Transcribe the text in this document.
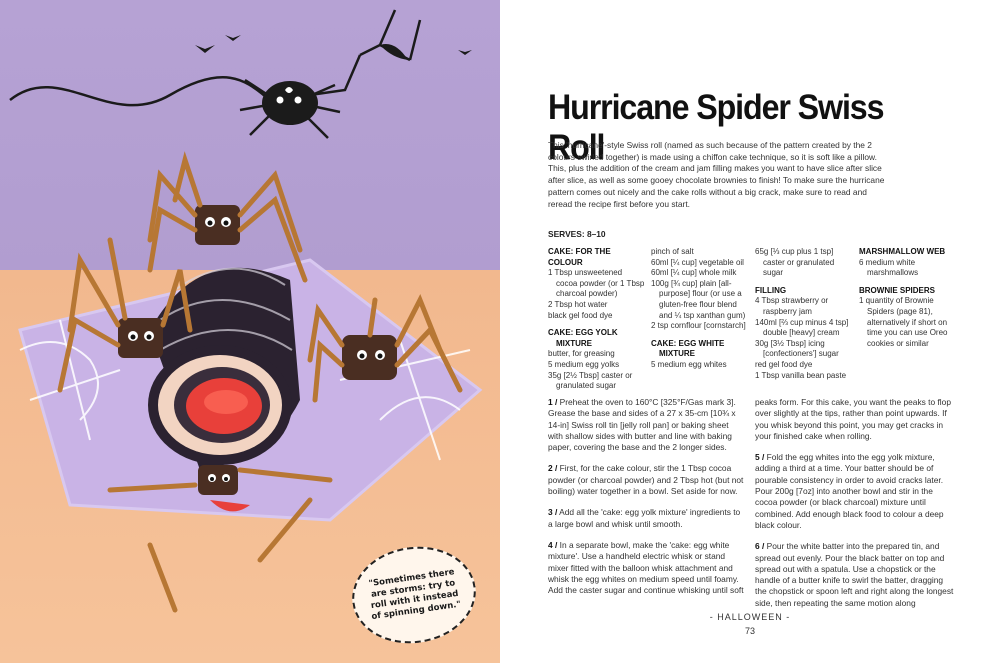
"Sometimes there are storms: try to roll with it instead of spinning down."
Hurricane Spider Swiss Roll

This 'hurricane'-style Swiss roll (named as such because of the pattern created by the 2 colours swirled together) is made using a chiffon cake technique, so it is soft like a pillow. This, plus the addition of the cream and jam filling makes you want to have slice after slice after slice, as well as some gooey chocolate brownies to finish! To make sure the hurricane pattern comes out nicely and the cake rolls without a big crack, make sure to read and reread the recipe first before you start.

SERVES: 8–10
CAKE: FOR THE COLOUR
1 Tbsp unsweetened
cocoa powder (or 1 Tbsp
charcoal powder)
2 Tbsp hot water
black gel food dye
CAKE: EGG YOLK
MIXTURE
butter, for greasing
5 medium egg yolks
35g [2½ Tbsp] caster or
granulated sugar
pinch of salt
60ml [¼ cup] vegetable oil
60ml [¼ cup] whole milk
100g [¾ cup] plain [all-
purpose] flour (or use a
gluten-free flour blend
and ¼ tsp xanthan gum)
2 tsp cornflour [cornstarch]
CAKE: EGG WHITE
MIXTURE
5 medium egg whites
65g [⅓ cup plus 1 tsp]
caster or granulated
sugar
FILLING
4 Tbsp strawberry or
raspberry jam
140ml [⅔ cup minus 4 tsp]
double [heavy] cream
30g [3½ Tbsp] icing
[confectioners'] sugar
red gel food dye
1 Tbsp vanilla bean paste
MARSHMALLOW WEB
6 medium white
marshmallows
BROWNIE SPIDERS
1 quantity of Brownie
Spiders (page 81),
alternatively if short on
time you can use Oreo
cookies or similar

1 / Preheat the oven to 160°C [325°F/Gas mark 3]. Grease the base and sides of a 27 x 35-cm [10¾ x 14-in] Swiss roll tin [jelly roll pan] or baking sheet with shallow sides with butter and line with baking paper, covering the base and the 2 longer sides.

2 / First, for the cake colour, stir the 1 Tbsp cocoa powder (or charcoal powder) and 2 Tbsp hot (but not boiling) water together in a bowl. Set aside for now.

3 / Add all the 'cake: egg yolk mixture' ingredients to a large bowl and whisk until smooth.

4 / In a separate bowl, make the 'cake: egg white mixture'. Use a handheld electric whisk or stand mixer fitted with the balloon whisk attachment and whisk the egg whites on medium speed until foamy. Add the caster sugar and continue whisking until soft

peaks form. For this cake, you want the peaks to flop over slightly at the tips, rather than point upwards. If you whisk beyond this point, you may get cracks in your finished cake when rolling.

5 / Fold the egg whites into the egg yolk mixture, adding a third at a time. Your batter should be of pourable consistency in order to avoid cracks later. Pour 200g [7oz] into another bowl and stir in the cocoa powder (or black charcoal) mixture until combined. Add enough black food to colour a deep black colour.

6 / Pour the white batter into the prepared tin, and spread out evenly. Pour the black batter on top and spread out with a spatula. Use a chopstick or the handle of a butter knife to swirl the batter, dragging the chopstick or spoon left and right along the longest side, then repeating the same motion along

- HALLOWEEN -
73
